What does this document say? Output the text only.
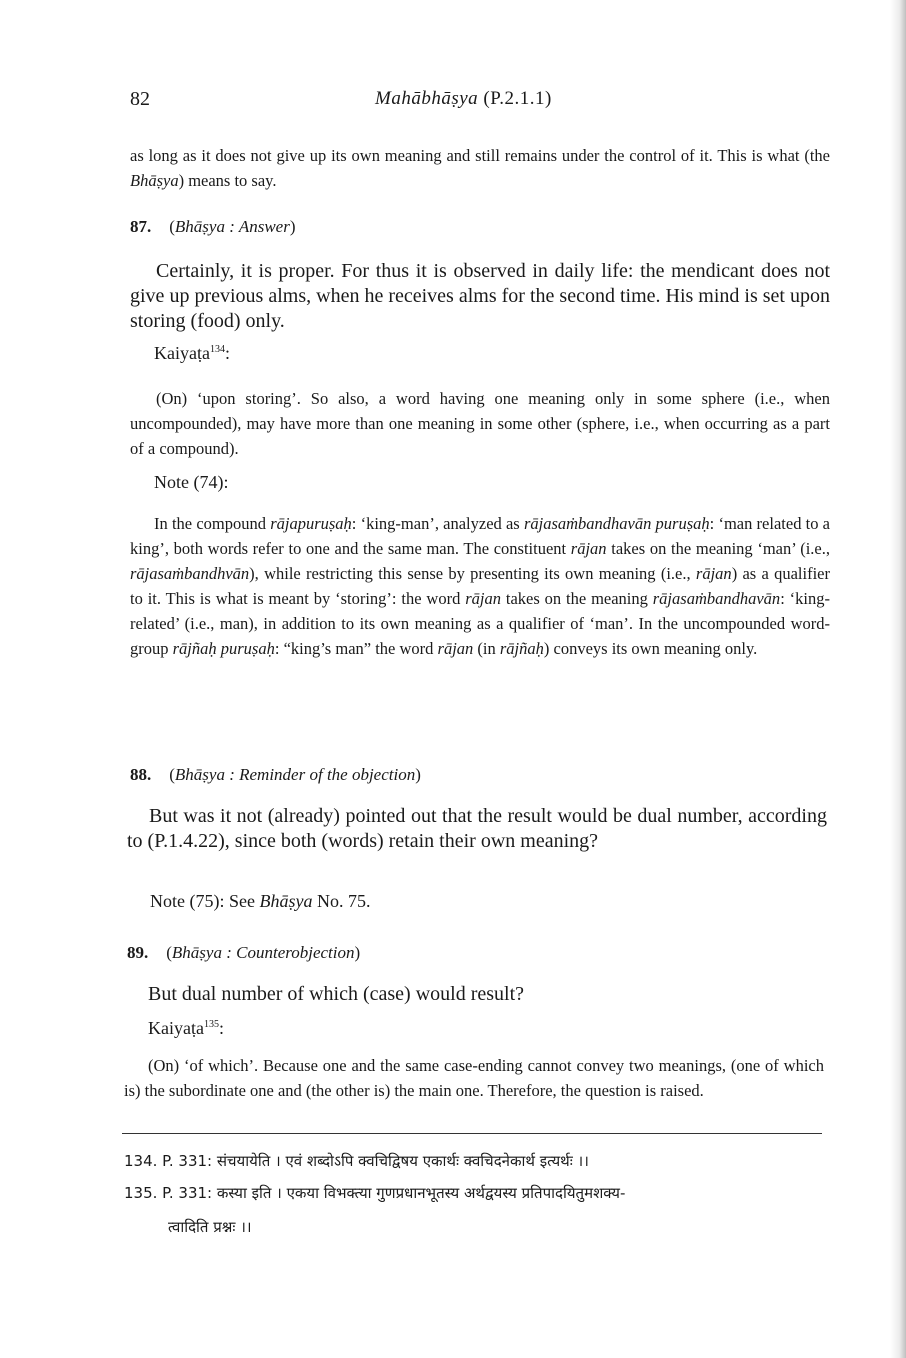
82	Mahābhāṣya (P.2.1.1)
as long as it does not give up its own meaning and still remains under the control of it. This is what (the Bhāṣya) means to say.
87. (Bhāṣya : Answer)
Certainly, it is proper. For thus it is observed in daily life: the mendicant does not give up previous alms, when he receives alms for the second time. His mind is set upon storing (food) only.
Kaiyaṭa$^{134}$:
(On) ‘upon storing’. So also, a word having one meaning only in some sphere (i.e., when uncompounded), may have more than one meaning in some other (sphere, i.e., when occurring as a part of a compound).
Note (74):
In the compound rājapuruṣaḥ: ‘king-man’, analyzed as rājasaṁbandhavān puruṣaḥ: ‘man related to a king’, both words refer to one and the same man. The constituent rājan takes on the meaning ‘man’ (i.e., rājasaṁbandhvān), while restricting this sense by presenting its own meaning (i.e., rājan) as a qualifier to it. This is what is meant by ‘storing’: the word rājan takes on the meaning rājasaṁbandhavān: ‘king-related’ (i.e., man), in addition to its own meaning as a qualifier of ‘man’. In the uncompounded word-group rājñaḥ puruṣaḥ: “king’s man” the word rājan (in rājñaḥ) conveys its own meaning only.
88. (Bhāṣya : Reminder of the objection)
But was it not (already) pointed out that the result would be dual number, according to (P.1.4.22), since both (words) retain their own meaning?
Note (75): See Bhāṣya No. 75.
89. (Bhāṣya : Counterobjection)
But dual number of which (case) would result?
Kaiyaṭa$^{135}$:
(On) ‘of which’. Because one and the same case-ending cannot convey two meanings, (one of which is) the subordinate one and (the other is) the main one. Therefore, the question is raised.
134. P. 331: संचयायेति । एवं शब्दोऽपि क्वचिद्विषय एकार्थः क्वचिदनेकार्थ इत्यर्थः ।।
135. P. 331: कस्या इति । एकया विभक्त्या गुणप्रधानभूतस्य अर्थद्वयस्य प्रतिपादयितुमशक्य-
त्वादिति प्रश्नः ।।
